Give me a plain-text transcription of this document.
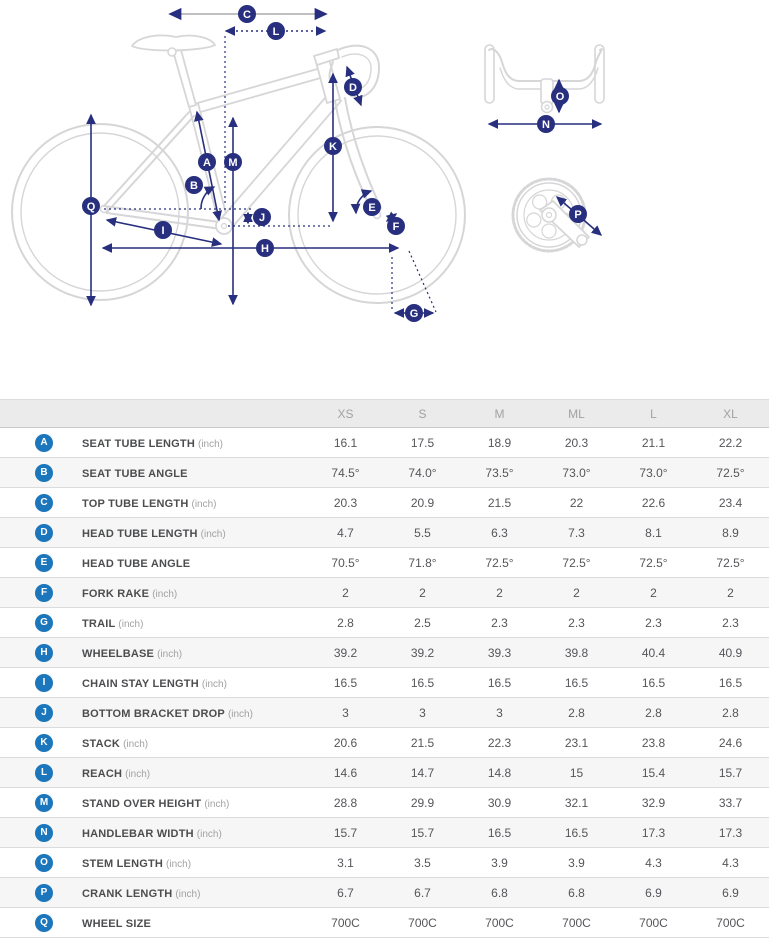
C
L
D
O
N
K
A M
B
Q	E
P
J
F
I
H
G
XS	S	M	ML	L	XL
A	SEAT TUBE LENGTH (inch)	16.1	17.5	18.9	20.3	21.1	22.2
B	SEAT TUBE ANGLE	74.5°	74.0°	73.5°	73.0°	73.0°	72.5°
C	TOP TUBE LENGTH (inch)	20.3	20.9	21.5	22	22.6	23.4
D	HEAD TUBE LENGTH (inch)	4.7	5.5	6.3	7.3	8.1	8.9
E	HEAD TUBE ANGLE	70.5°	71.8°	72.5°	72.5°	72.5°	72.5°
F	FORK RAKE (inch)	2	2	2	2	2	2
G	TRAIL (inch)	2.8	2.5	2.3	2.3	2.3	2.3
H	WHEELBASE (inch)	39.2	39.2	39.3	39.8	40.4	40.9
I	CHAIN STAY LENGTH (inch)	16.5	16.5	16.5	16.5	16.5	16.5
J	BOTTOM BRACKET DROP (inch)	3	3	3	2.8	2.8	2.8
K	STACK (inch)	20.6	21.5	22.3	23.1	23.8	24.6
L	REACH (inch)	14.6	14.7	14.8	15	15.4	15.7
M	STAND OVER HEIGHT (inch)	28.8	29.9	30.9	32.1	32.9	33.7
N	HANDLEBAR WIDTH (inch)	15.7	15.7	16.5	16.5	17.3	17.3
O	STEM LENGTH (inch)	3.1	3.5	3.9	3.9	4.3	4.3
P	CRANK LENGTH (inch)	6.7	6.7	6.8	6.8	6.9	6.9
Q	WHEEL SIZE	700C	700C	700C	700C	700C	700C
